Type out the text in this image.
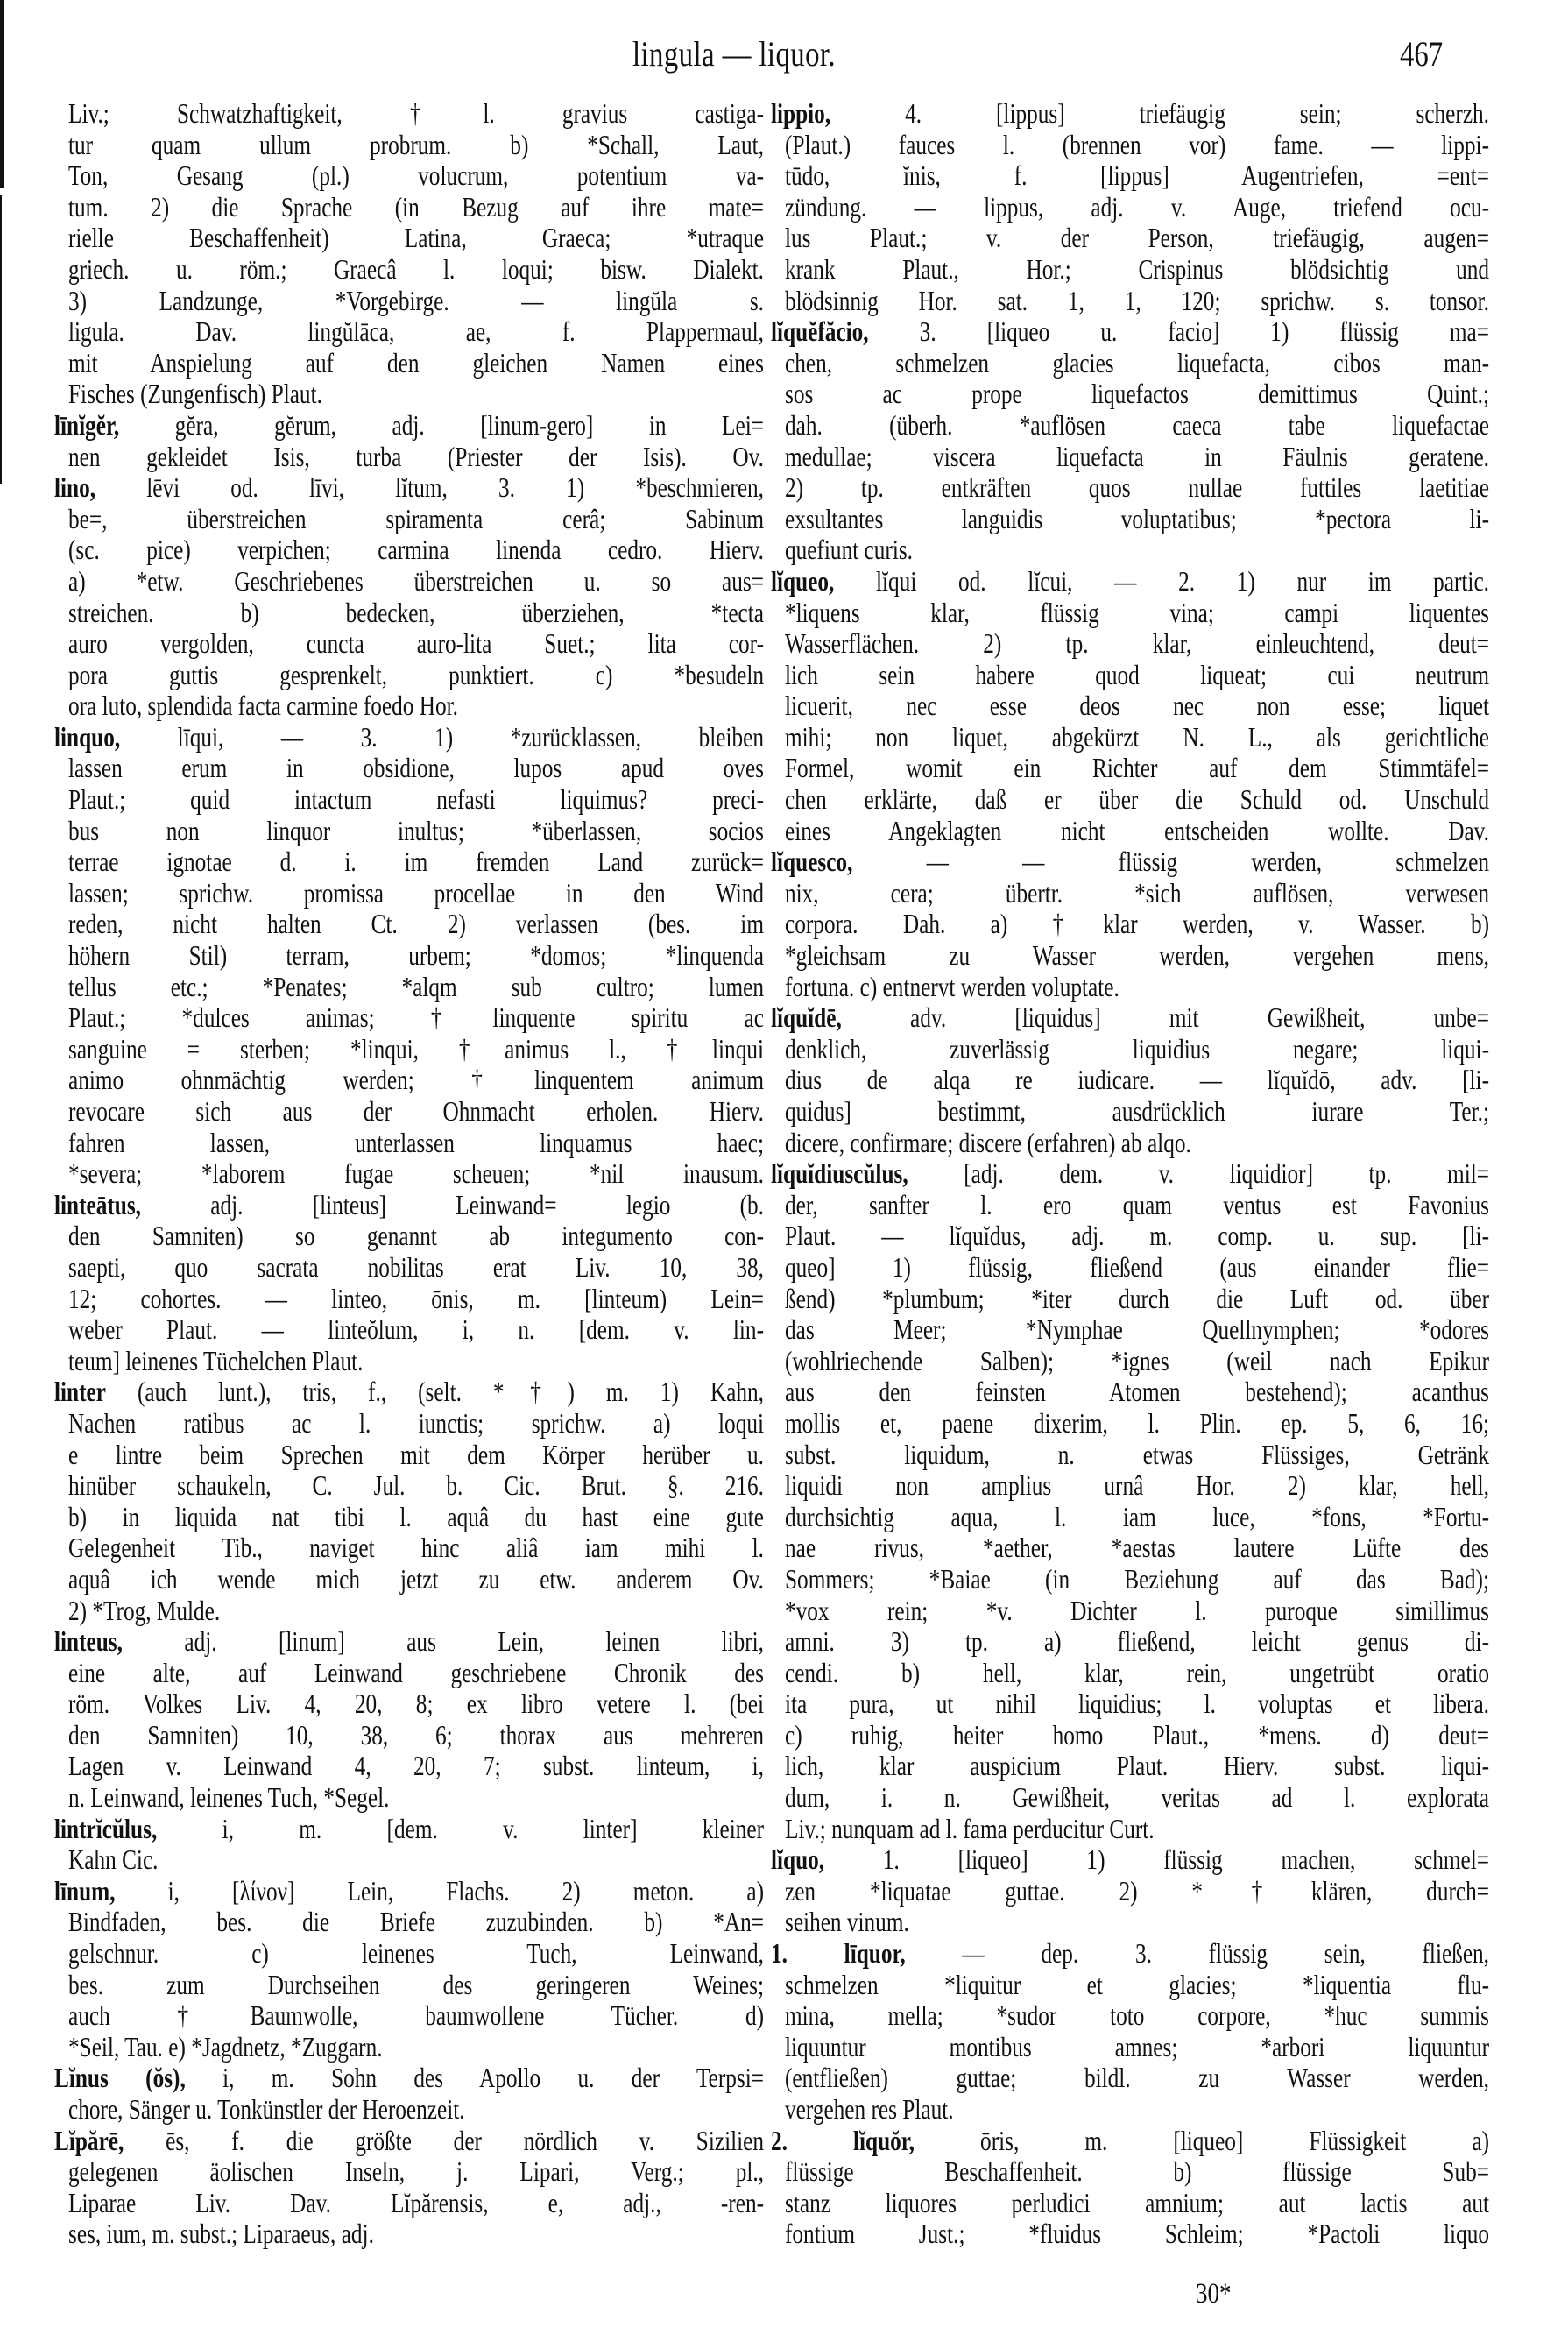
lingula — liquor.	467
Liv.; Schwatzhaftigkeit, †l. gravius castiga-
tur quam ullum probrum. b) *Schall, Laut,
Ton, Gesang (pl.) volucrum, potentium va-
tum. 2) die Sprache (in Bezug auf ihre mate=
rielle Beschaffenheit) Latina, Graeca; *utraque
griech. u. röm.; Graecâ l. loqui; bisw. Dialekt.
3) Landzunge, *Vorgebirge. — lingŭla s.
ligula. Dav. lingŭlāca, ae, f. Plappermaul,
mit Anspielung auf den gleichen Namen eines
Fisches (Zungenfisch) Plaut.
līnĭgĕr, gĕra, gĕrum, adj. [linum-gero] in Lei=
nen gekleidet Isis, turba (Priester der Isis). Ov.
lino, lēvi od. līvi, lĭtum, 3. 1) *beschmieren,
be=, überstreichen spiramenta cerâ; Sabinum
(sc. pice) verpichen; carmina linenda cedro. Hierv.
a) *etw. Geschriebenes überstreichen u. so aus=
streichen. b) bedecken, überziehen, *tecta
auro vergolden, cuncta auro-lita Suet.; lita cor-
pora guttis gesprenkelt, punktiert. c) *besudeln
ora luto, splendida facta carmine foedo Hor.
linquo, līqui, — 3. 1) *zurücklassen, bleiben
lassen erum in obsidione, lupos apud oves
Plaut.; quid intactum nefasti liquimus? preci-
bus non linquor inultus; *überlassen, socios
terrae ignotae d. i. im fremden Land zurück=
lassen; sprichw. promissa procellae in den Wind
reden, nicht halten Ct. 2) verlassen (bes. im
höhern Stil) terram, urbem; *domos; *linquenda
tellus etc.; *Penates; *alqm sub cultro; lumen
Plaut.; *dulces animas; †linquente spiritu ac
sanguine = sterben; *linqui, †animus l., †linqui
animo ohnmächtig werden; †linquentem animum
revocare sich aus der Ohnmacht erholen. Hierv.
fahren lassen, unterlassen linquamus haec;
*severa; *laborem fugae scheuen; *nil inausum.
linteātus, adj. [linteus] Leinwand= legio (b.
den Samniten) so genannt ab integumento con-
saepti, quo sacrata nobilitas erat Liv. 10, 38,
12; cohortes. — linteo, ōnis, m. [linteum) Lein=
weber Plaut. — linteŏlum, i, n. [dem. v. lin-
teum] leinenes Tüchelchen Plaut.
linter (auch lunt.), tris, f., (selt. *†) m. 1) Kahn,
Nachen ratibus ac l. iunctis; sprichw. a) loqui
e lintre beim Sprechen mit dem Körper herüber u.
hinüber schaukeln, C. Jul. b. Cic. Brut. §. 216.
b) in liquida nat tibi l. aquâ du hast eine gute
Gelegenheit Tib., naviget hinc aliâ iam mihi l.
aquâ ich wende mich jetzt zu etw. anderem Ov.
2) *Trog, Mulde.
linteus, adj. [linum] aus Lein, leinen libri,
eine alte, auf Leinwand geschriebene Chronik des
röm. Volkes Liv. 4, 20, 8; ex libro vetere l. (bei
den Samniten) 10, 38, 6; thorax aus mehreren
Lagen v. Leinwand 4, 20, 7; subst. linteum, i,
n. Leinwand, leinenes Tuch, *Segel.
lintrĭcŭlus, i, m. [dem. v. linter] kleiner
Kahn Cic.
līnum, i, [λίνον] Lein, Flachs. 2) meton. a)
Bindfaden, bes. die Briefe zuzubinden. b) *An=
gelschnur. c) leinenes Tuch, Leinwand,
bes. zum Durchseihen des geringeren Weines;
auch †Baumwolle, baumwollene Tücher. d)
*Seil, Tau. e) *Jagdnetz, *Zuggarn.
Lĭnus (ŏs), i, m. Sohn des Apollo u. der Terpsi=
chore, Sänger u. Tonkünstler der Heroenzeit.
Lĭpărē, ēs, f. die größte der nördlich v. Sizilien
gelegenen äolischen Inseln, j. Lipari, Verg.; pl.,
Liparae Liv. Dav. Lĭpărensis, e, adj., -ren-
ses, ium, m. subst.; Liparaeus, adj.
lippio, 4. [lippus] triefäugig sein; scherzh.
(Plaut.) fauces l. (brennen vor) fame. — lippi-
tūdo, ĭnis, f. [lippus] Augentriefen, =ent=
zündung. — lippus, adj. v. Auge, triefend ocu-
lus Plaut.; v. der Person, triefäugig, augen=
krank Plaut., Hor.; Crispinus blödsichtig und
blödsinnig Hor. sat. 1, 1, 120; sprichw. s. tonsor.
lĭquĕfăcio, 3. [liqueo u. facio] 1) flüssig ma=
chen, schmelzen glacies liquefacta, cibos man-
sos ac prope liquefactos demittimus Quint.;
dah. (überh. *auflösen caeca tabe liquefactae
medullae; viscera liquefacta in Fäulnis geratene.
2) tp. entkräften quos nullae futtiles laetitiae
exsultantes languidis voluptatibus; *pectora li-
quefiunt curis.
lĭqueo, lĭqui od. lĭcui, — 2. 1) nur im partic.
*liquens klar, flüssig vina; campi liquentes
Wasserflächen. 2) tp. klar, einleuchtend, deut=
lich sein habere quod liqueat; cui neutrum
licuerit, nec esse deos nec non esse; liquet
mihi; non liquet, abgekürzt N. L., als gerichtliche
Formel, womit ein Richter auf dem Stimmtäfel=
chen erklärte, daß er über die Schuld od. Unschuld
eines Angeklagten nicht entscheiden wollte. Dav.
lĭquesco, — — flüssig werden, schmelzen
nix, cera; übertr. *sich auflösen, verwesen
corpora. Dah. a) †klar werden, v. Wasser. b)
*gleichsam zu Wasser werden, vergehen mens,
fortuna. c) entnervt werden voluptate.
lĭquĭdē, adv. [liquidus] mit Gewißheit, unbe=
denklich, zuverlässig liquidius negare; liqui-
dius de alqa re iudicare. — lĭquĭdō, adv. [li-
quidus] bestimmt, ausdrücklich iurare Ter.;
dicere, confirmare; discere (erfahren) ab alqo.
lĭquĭdiuscŭlus, [adj. dem. v. liquidior] tp. mil=
der, sanfter l. ero quam ventus est Favonius
Plaut. — lĭquĭdus, adj. m. comp. u. sup. [li-
queo] 1) flüssig, fließend (aus einander flie=
ßend) *plumbum; *iter durch die Luft od. über
das Meer; *Nymphae Quellnymphen; *odores
(wohlriechende Salben); *ignes (weil nach Epikur
aus den feinsten Atomen bestehend); acanthus
mollis et, paene dixerim, l. Plin. ep. 5, 6, 16;
subst. liquidum, n. etwas Flüssiges, Getränk
liquidi non amplius urnâ Hor. 2) klar, hell,
durchsichtig aqua, l. iam luce, *fons, *Fortu-
nae rivus, *aether, *aestas lautere Lüfte des
Sommers; *Baiae (in Beziehung auf das Bad);
*vox rein; *v. Dichter l. puroque simillimus
amni. 3) tp. a) fließend, leicht genus di-
cendi. b) hell, klar, rein, ungetrübt oratio
ita pura, ut nihil liquidius; l. voluptas et libera.
c) ruhig, heiter homo Plaut., *mens. d) deut=
lich, klar auspicium Plaut. Hierv. subst. liqui-
dum, i. n. Gewißheit, veritas ad l. explorata
Liv.; nunquam ad l. fama perducitur Curt.
lĭquo, 1. [liqueo] 1) flüssig machen, schmel=
zen *liquatae guttae. 2) *†klären, durch=
seihen vinum.
1. līquor, — dep. 3. flüssig sein, fließen,
schmelzen *liquitur et glacies; *liquentia flu-
mina, mella; *sudor toto corpore, *huc summis
liquuntur montibus amnes; *arbori liquuntur
(entfließen) guttae; bildl. zu Wasser werden,
vergehen res Plaut.
2. lĭquŏr, ōris, m. [liqueo] Flüssigkeit a)
flüssige Beschaffenheit. b) flüssige Sub=
stanz liquores perludici amnium; aut lactis aut
fontium Just.; *fluidus Schleim; *Pactoli liquo
30*
